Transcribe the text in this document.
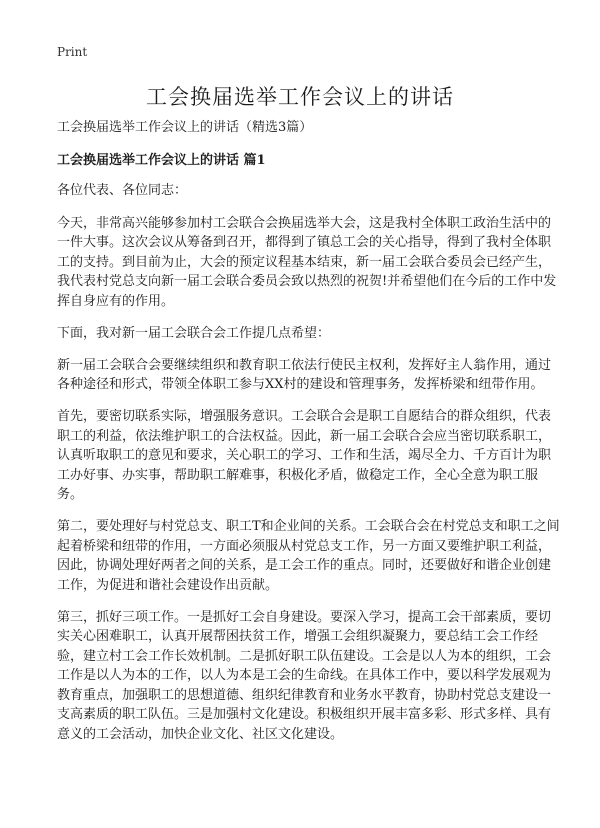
Print
工会换届选举工作会议上的讲话

工会换届选举工作会议上的讲话（精选3篇）

工会换届选举工作会议上的讲话 篇1

各位代表、各位同志：

今天，非常高兴能够参加村工会联合会换届选举大会，这是我村全体职工政治生活中的一件大事。这次会议从筹备到召开，都得到了镇总工会的关心指导，得到了我村全体职工的支持。到目前为止，大会的预定议程基本结束，新一届工会联合委员会已经产生，我代表村党总支向新一届工会联合委员会致以热烈的祝贺!并希望他们在今后的工作中发挥自身应有的作用。

下面，我对新一届工会联合会工作提几点希望：

新一届工会联合会要继续组织和教育职工依法行使民主权利，发挥好主人翁作用，通过各种途径和形式，带领全体职工参与XX村的建设和管理事务，发挥桥梁和纽带作用。

首先，要密切联系实际，增强服务意识。工会联合会是职工自愿结合的群众组织，代表职工的利益，依法维护职工的合法权益。因此，新一届工会联合会应当密切联系职工，认真听取职工的意见和要求，关心职工的学习、工作和生活，竭尽全力、千方百计为职工办好事、办实事，帮助职工解难事，积极化矛盾，做稳定工作，全心全意为职工服务。

第二，要处理好与村党总支、职工T和企业间的关系。工会联合会在村党总支和职工之间起着桥梁和纽带的作用，一方面必须服从村党总支工作，另一方面又要维护职工利益，因此，协调处理好两者之间的关系，是工会工作的重点。同时，还要做好和谐企业创建工作，为促进和谐社会建设作出贡献。

第三，抓好三项工作。一是抓好工会自身建设。要深入学习，提高工会干部素质，要切实关心困难职工，认真开展帮困扶贫工作，增强工会组织凝聚力，要总结工会工作经验，建立村工会工作长效机制。二是抓好职工队伍建设。工会是以人为本的组织，工会工作是以人为本的工作，以人为本是工会的生命线。在具体工作中，要以科学发展观为教育重点，加强职工的思想道德、组织纪律教育和业务水平教育，协助村党总支建设一支高素质的职工队伍。三是加强村文化建设。积极组织开展丰富多彩、形式多样、具有意义的工会活动，加快企业文化、社区文化建设。
